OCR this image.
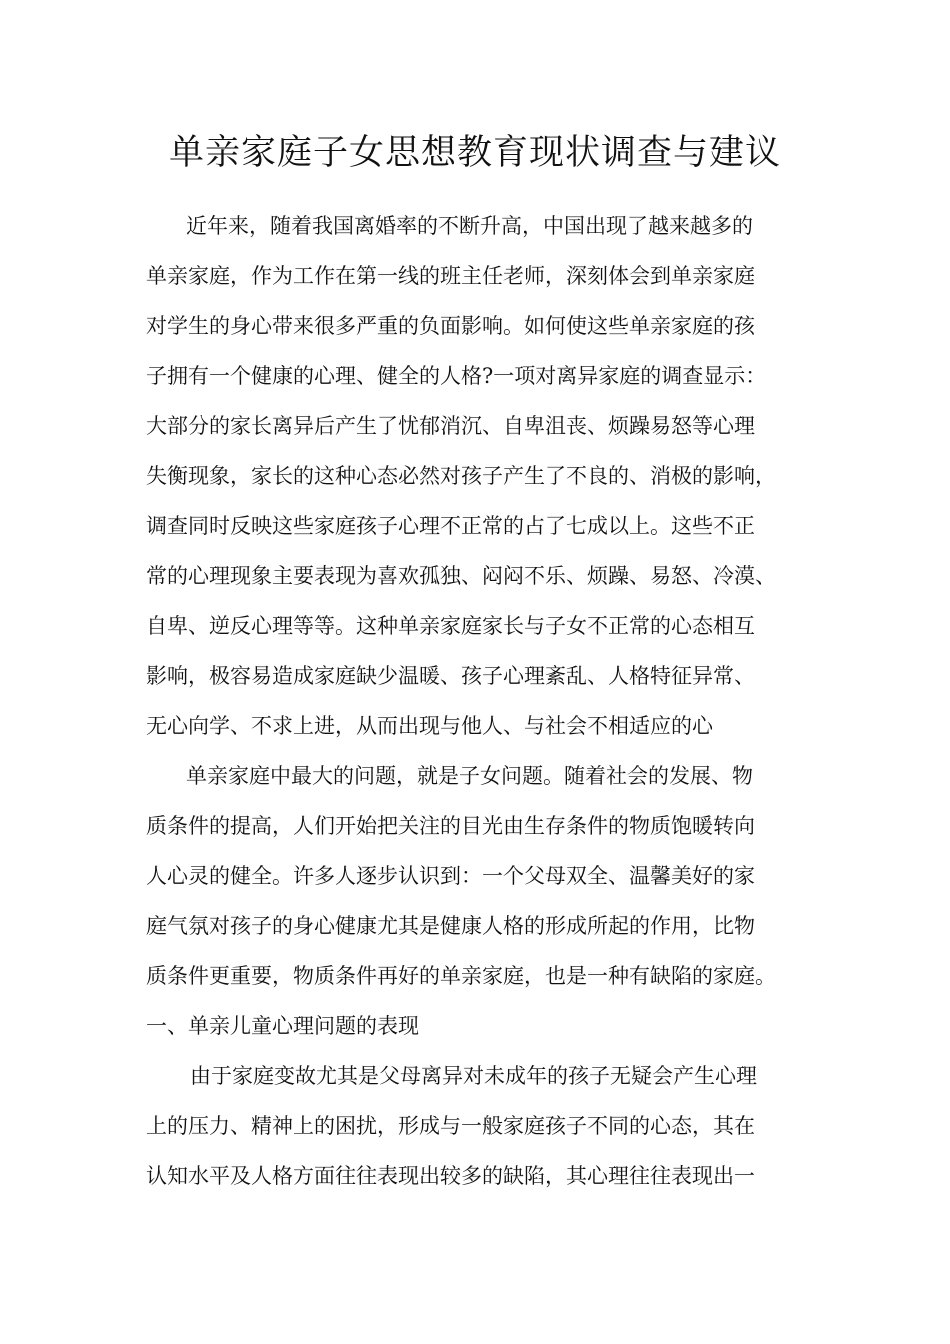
单亲家庭子女思想教育现状调查与建议
近年来，随着我国离婚率的不断升高，中国出现了越来越多的
单亲家庭，作为工作在第一线的班主任老师，深刻体会到单亲家庭
对学生的身心带来很多严重的负面影响。如何使这些单亲家庭的孩
子拥有一个健康的心理、健全的人格?一项对离异家庭的调查显示：
大部分的家长离异后产生了忧郁消沉、自卑沮丧、烦躁易怒等心理
失衡现象，家长的这种心态必然对孩子产生了不良的、消极的影响，
调查同时反映这些家庭孩子心理不正常的占了七成以上。这些不正
常的心理现象主要表现为喜欢孤独、闷闷不乐、烦躁、易怒、冷漠、
自卑、逆反心理等等。这种单亲家庭家长与子女不正常的心态相互
影响，极容易造成家庭缺少温暖、孩子心理紊乱、人格特征异常、
无心向学、不求上进，从而出现与他人、与社会不相适应的心
单亲家庭中最大的问题，就是子女问题。随着社会的发展、物
质条件的提高，人们开始把关注的目光由生存条件的物质饱暖转向
人心灵的健全。许多人逐步认识到：一个父母双全、温馨美好的家
庭气氛对孩子的身心健康尤其是健康人格的形成所起的作用，比物
质条件更重要，物质条件再好的单亲家庭，也是一种有缺陷的家庭。
一、单亲儿童心理问题的表现
由于家庭变故尤其是父母离异对未成年的孩子无疑会产生心理
上的压力、精神上的困扰，形成与一般家庭孩子不同的心态，其在
认知水平及人格方面往往表现出较多的缺陷，其心理往往表现出一
